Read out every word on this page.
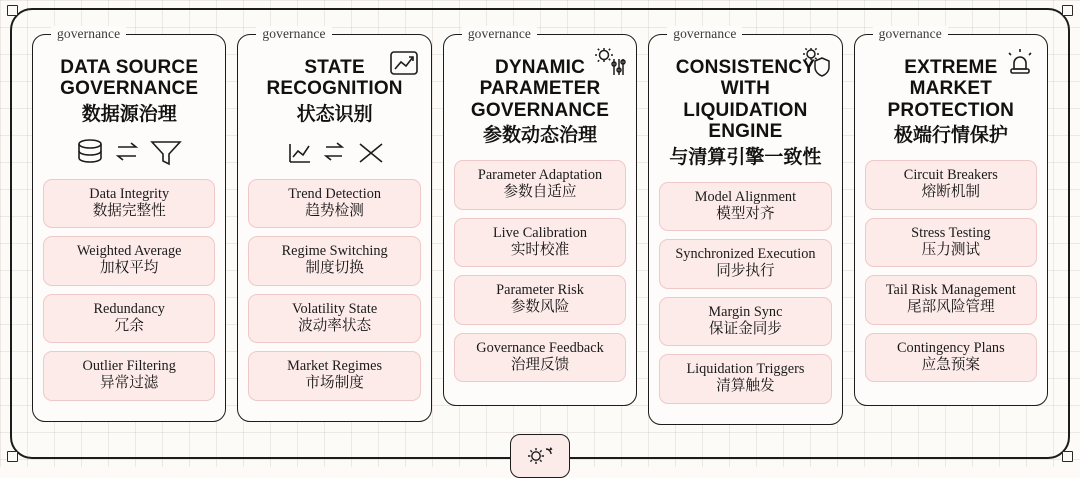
governance
DATA SOURCE GOVERNANCE
数据源治理
Data Integrity
数据完整性
Weighted Average
加权平均
Redundancy
冗余
Outlier Filtering
异常过滤
governance
STATE RECOGNITION
状态识别
Trend Detection
趋势检测
Regime Switching
制度切换
Volatility State
波动率状态
Market Regimes
市场制度
governance
DYNAMIC PARAMETER GOVERNANCE
参数动态治理
Parameter Adaptation
参数自适应
Live Calibration
实时校准
Parameter Risk
参数风险
Governance Feedback
治理反馈
governance
CONSISTENCY WITH LIQUIDATION ENGINE
与清算引擎一致性
Model Alignment
模型对齐
Synchronized Execution
同步执行
Margin Sync
保证金同步
Liquidation Triggers
清算触发
governance
EXTREME MARKET PROTECTION
极端行情保护
Circuit Breakers
熔断机制
Stress Testing
压力测试
Tail Risk Management
尾部风险管理
Contingency Plans
应急预案
